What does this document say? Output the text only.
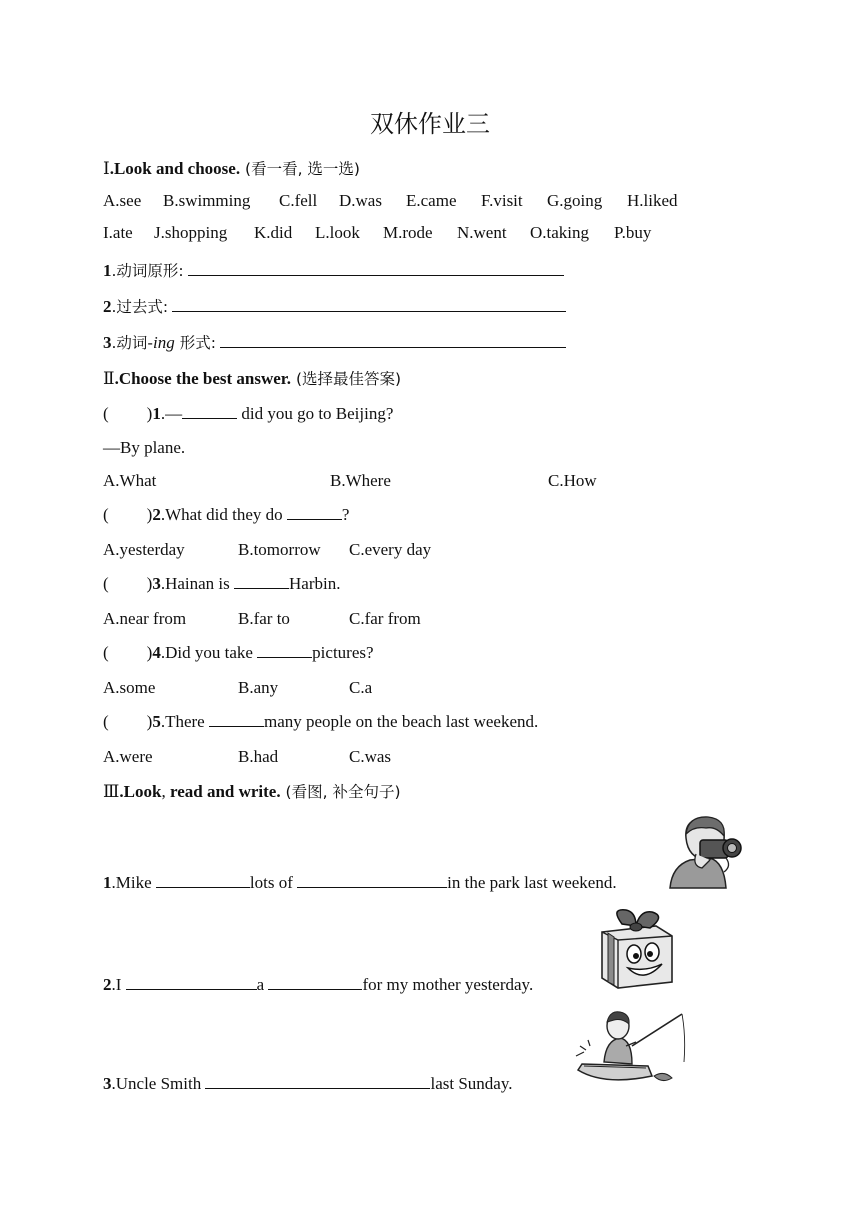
双休作业三
Ⅰ.Look and choose. (看一看, 选一选)
A.see B.swimming C.fell D.was E.came F.visit G.going H.liked
I.ate J.shopping K.did L.look M.rode N.went O.taking P.buy
1.动词原形:
2.过去式:
3.动词-ing 形式:
Ⅱ.Choose the best answer. (选择最佳答案)
( )1.—	did you go to Beijing?
—By plane.
A.What	B.Where	C.How
( )2.What did they do	?
A.yesterday	B.tomorrow C.every day
( )3.Hainan is	Harbin.
A.near from	B.far to	C.far from
( )4.Did you take	pictures?
A.some	B.any	C.a
( )5.There	many people on the beach last weekend.
A.were	B.had	C.was
Ⅲ.Look, read and write. (看图, 补全句子)
1.Mike	lots of	in the park last weekend.
2.I	a	for my mother yesterday.
3.Uncle Smith	last Sunday.
